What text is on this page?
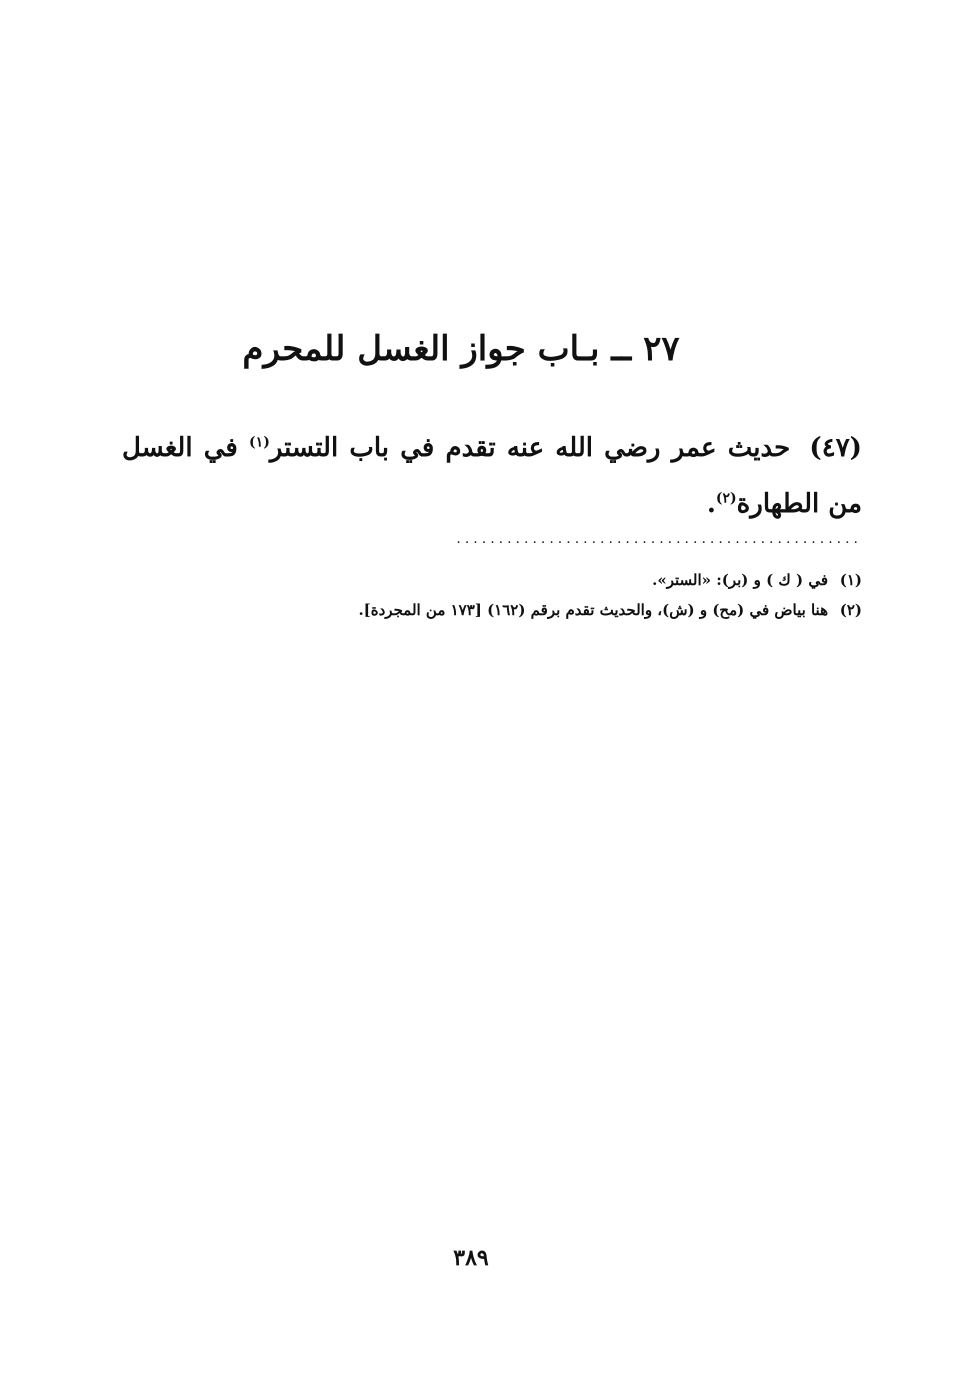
٢٧ ــ بـاب جواز الغسل للمحرم

(٤٧) حديث عمر رضي الله عنه تقدم في باب التستر$^{(١)}$ في الغسل من الطهارة$^{(٢)}$.

................................................
(١)
في ( ك ) و (بر): «الستر».
(٢)
هنا بياض في (مح) و (ش)، والحديث تقدم برقم (١٦٢) [١٧٣ من المجردة].
٣٨٩
